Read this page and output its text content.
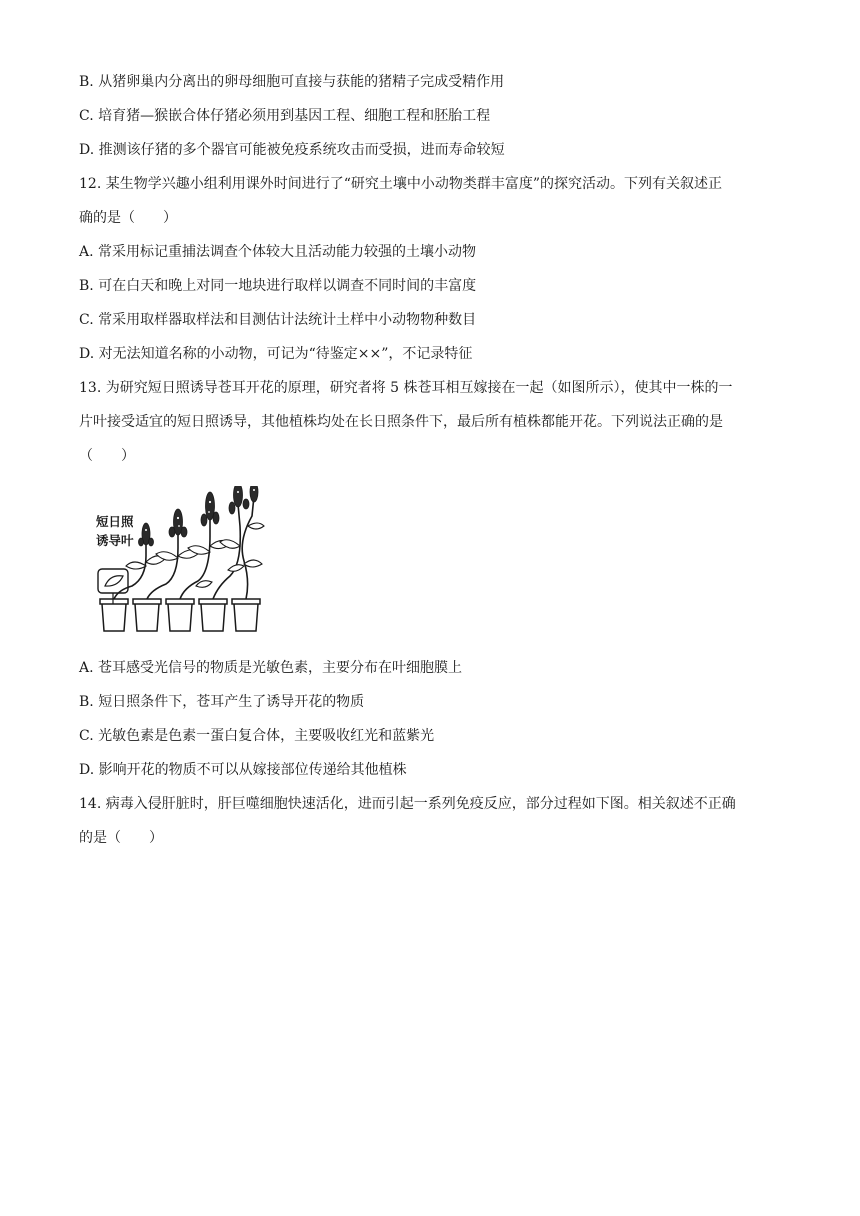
B. 从猪卵巢内分离出的卵母细胞可直接与获能的猪精子完成受精作用
C. 培育猪—猴嵌合体仔猪必须用到基因工程、细胞工程和胚胎工程
D. 推测该仔猪的多个器官可能被免疫系统攻击而受损，进而寿命较短
12. 某生物学兴趣小组利用课外时间进行了“研究土壤中小动物类群丰富度”的探究活动。下列有关叙述正
确的是（　　）
A. 常采用标记重捕法调查个体较大且活动能力较强的土壤小动物
B. 可在白天和晚上对同一地块进行取样以调查不同时间的丰富度
C. 常采用取样器取样法和目测估计法统计土样中小动物物种数目
D. 对无法知道名称的小动物，可记为“待鉴定××”，不记录特征
13. 为研究短日照诱导苍耳开花的原理，研究者将 5 株苍耳相互嫁接在一起（如图所示），使其中一株的一
片叶接受适宜的短日照诱导，其他植株均处在长日照条件下，最后所有植株都能开花。下列说法正确的是
（　　）
短日照
诱导叶
A. 苍耳感受光信号的物质是光敏色素，主要分布在叶细胞膜上
B. 短日照条件下，苍耳产生了诱导开花的物质
C. 光敏色素是色素一蛋白复合体，主要吸收红光和蓝紫光
D. 影响开花的物质不可以从嫁接部位传递给其他植株
14. 病毒入侵肝脏时，肝巨噬细胞快速活化，进而引起一系列免疫反应，部分过程如下图。相关叙述不正确
的是（　　）
